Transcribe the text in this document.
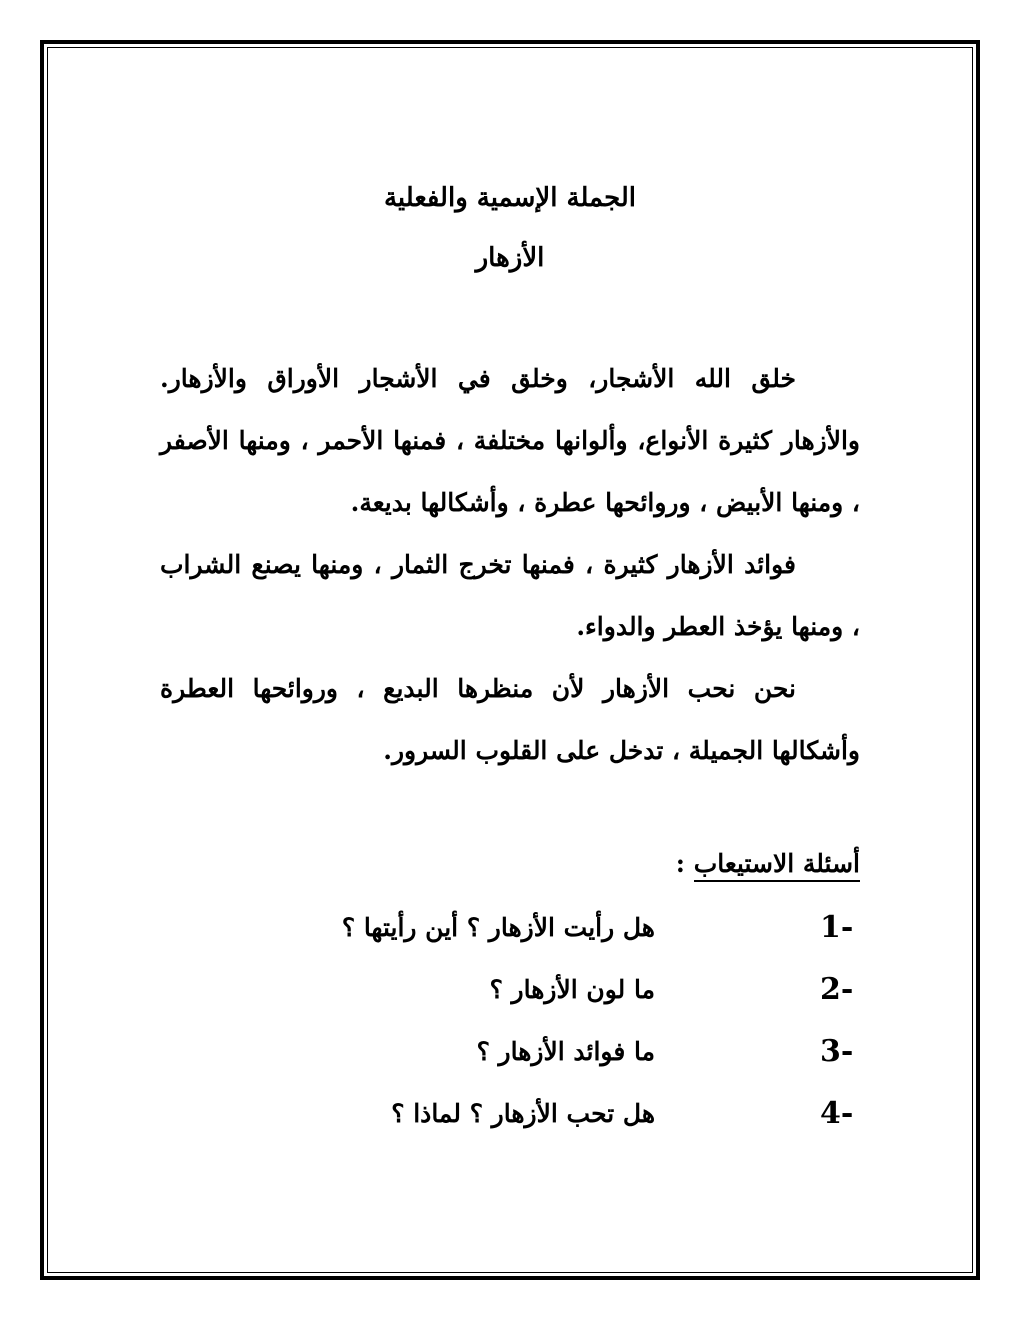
الجملة الإسمية والفعلية
الأزهار

خلق الله الأشجار، وخلق في الأشجار الأوراق والأزهار. والأزهار كثيرة الأنواع، وألوانها مختلفة ، فمنها الأحمر ، ومنها الأصفر ، ومنها الأبيض ، وروائحها عطرة ، وأشكالها بديعة.

فوائد الأزهار كثيرة ، فمنها تخرج الثمار ، ومنها يصنع الشراب ، ومنها يؤخذ العطر والدواء.

نحن نحب الأزهار لأن منظرها البديع ، وروائحها العطرة وأشكالها الجميلة ، تدخل على القلوب السرور.

أسئلة الاستيعاب :
1-
هل رأيت الأزهار ؟ أين رأيتها ؟
2-
ما لون الأزهار ؟
3-
ما فوائد الأزهار ؟
4-
هل تحب الأزهار ؟ لماذا ؟
